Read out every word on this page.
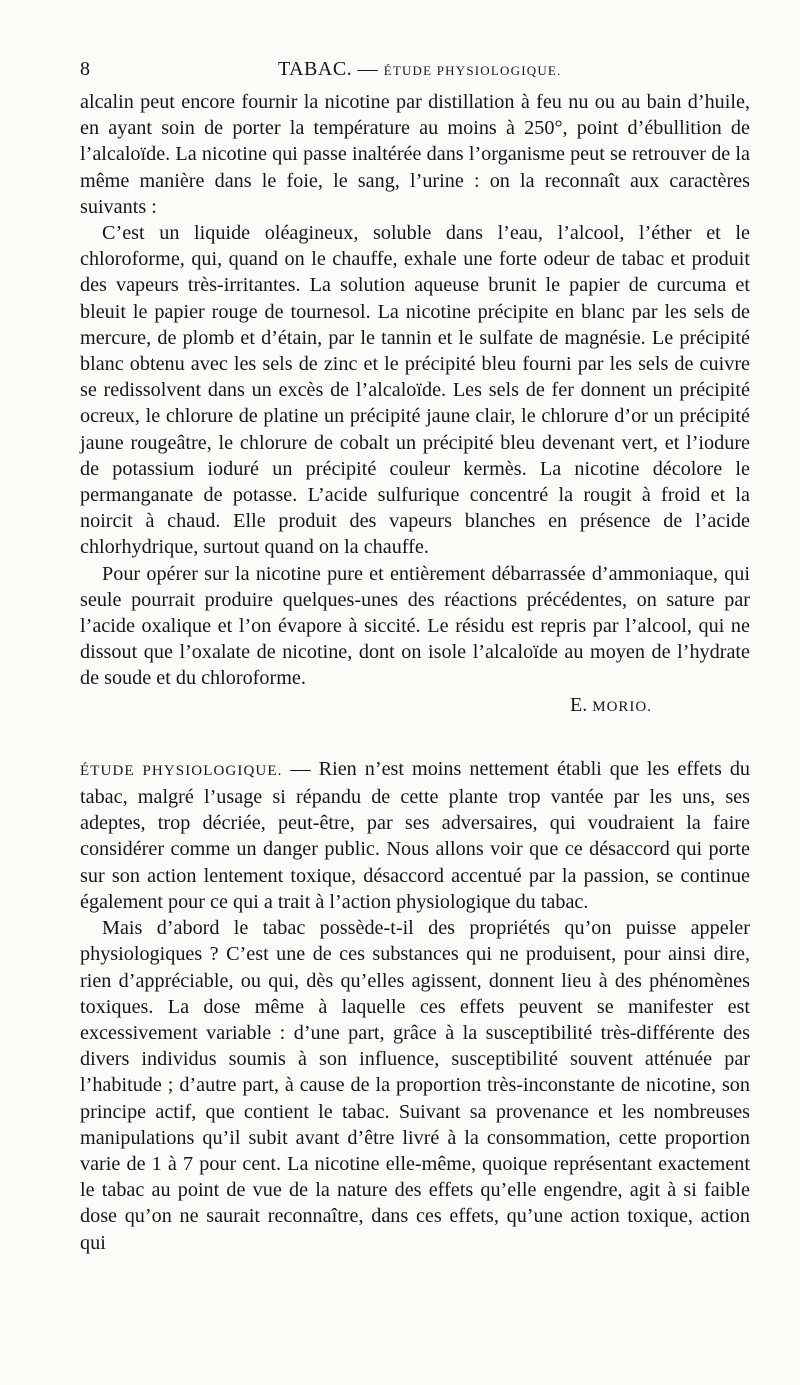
8	TABAC. — ÉTUDE PHYSIOLOGIQUE.

alcalin peut encore fournir la nicotine par distillation à feu nu ou au bain d’huile, en ayant soin de porter la température au moins à 250°, point d’ébullition de l’alcaloïde. La nicotine qui passe inaltérée dans l’organisme peut se retrouver de la même manière dans le foie, le sang, l’urine : on la reconnaît aux caractères suivants :

C’est un liquide oléagineux, soluble dans l’eau, l’alcool, l’éther et le chloroforme, qui, quand on le chauffe, exhale une forte odeur de tabac et produit des vapeurs très-irritantes. La solution aqueuse brunit le papier de curcuma et bleuit le papier rouge de tournesol. La nicotine précipite en blanc par les sels de mercure, de plomb et d’étain, par le tannin et le sulfate de magnésie. Le précipité blanc obtenu avec les sels de zinc et le précipité bleu fourni par les sels de cuivre se redissolvent dans un excès de l’alcaloïde. Les sels de fer donnent un précipité ocreux, le chlorure de platine un précipité jaune clair, le chlorure d’or un précipité jaune rougeâtre, le chlorure de cobalt un précipité bleu devenant vert, et l’iodure de potassium ioduré un précipité couleur kermès. La nicotine décolore le permanganate de potasse. L’acide sulfurique concentré la rougit à froid et la noircit à chaud. Elle produit des vapeurs blanches en présence de l’acide chlorhydrique, surtout quand on la chauffe.

Pour opérer sur la nicotine pure et entièrement débarrassée d’ammoniaque, qui seule pourrait produire quelques-unes des réactions précédentes, on sature par l’acide oxalique et l’on évapore à siccité. Le résidu est repris par l’alcool, qui ne dissout que l’oxalate de nicotine, dont on isole l’alcaloïde au moyen de l’hydrate de soude et du chloroforme.

E. MORIO.

ÉTUDE PHYSIOLOGIQUE. — Rien n’est moins nettement établi que les effets du tabac, malgré l’usage si répandu de cette plante trop vantée par les uns, ses adeptes, trop décriée, peut-être, par ses adversaires, qui voudraient la faire considérer comme un danger public. Nous allons voir que ce désaccord qui porte sur son action lentement toxique, désaccord accentué par la passion, se continue également pour ce qui a trait à l’action physiologique du tabac.

Mais d’abord le tabac possède-t-il des propriétés qu’on puisse appeler physiologiques ? C’est une de ces substances qui ne produisent, pour ainsi dire, rien d’appréciable, ou qui, dès qu’elles agissent, donnent lieu à des phénomènes toxiques. La dose même à laquelle ces effets peuvent se manifester est excessivement variable : d’une part, grâce à la susceptibilité très-différente des divers individus soumis à son influence, susceptibilité souvent atténuée par l’habitude ; d’autre part, à cause de la proportion très-inconstante de nicotine, son principe actif, que contient le tabac. Suivant sa provenance et les nombreuses manipulations qu’il subit avant d’être livré à la consommation, cette proportion varie de 1 à 7 pour cent. La nicotine elle-même, quoique représentant exactement le tabac au point de vue de la nature des effets qu’elle engendre, agit à si faible dose qu’on ne saurait reconnaître, dans ces effets, qu’une action toxique, action qui
